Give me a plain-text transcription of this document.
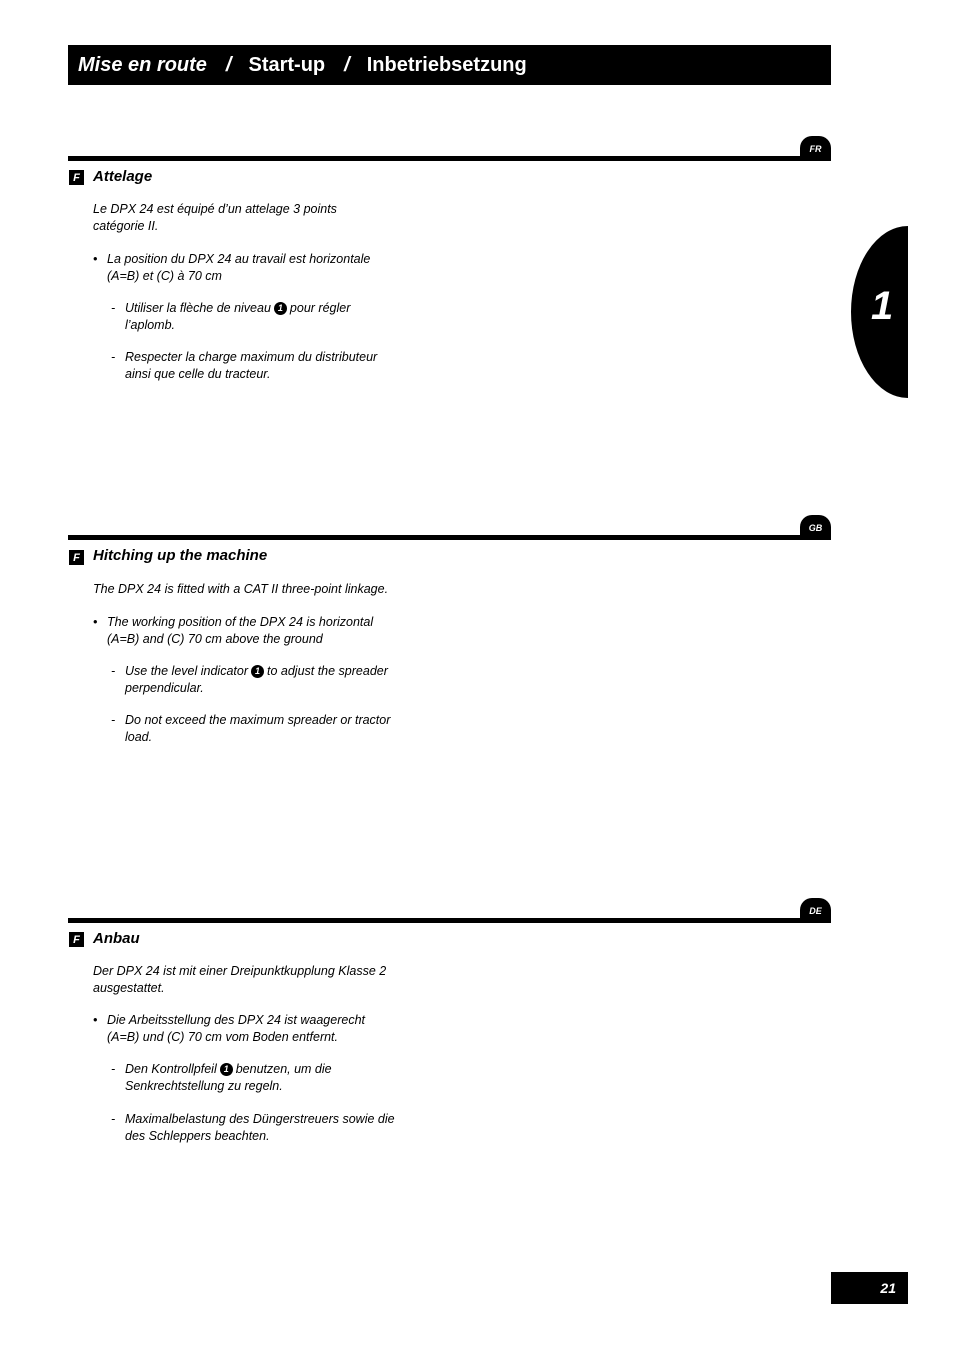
Mise en route / Start-up / Inbetriebsetzung
1
FR
F Attelage
Le DPX 24 est équipé d’un attelage 3 points
catégorie II.
• La position du DPX 24 au travail est horizontale
(A=B) et (C) à 70 cm
- Utiliser la flèche de niveau 1 pour régler
l’aplomb.
- Respecter la charge maximum du distributeur
ainsi que celle du tracteur.
GB
F Hitching up the machine
The DPX 24 is fitted with a CAT II three-point linkage.
• The working position of the DPX 24 is horizontal
(A=B) and (C) 70 cm above the ground
- Use the level indicator 1 to adjust the spreader
perpendicular.
- Do not exceed the maximum spreader or tractor
load.
DE
F Anbau
Der DPX 24 ist mit einer Dreipunktkupplung Klasse 2
ausgestattet.
• Die Arbeitsstellung des DPX 24 ist waagerecht
(A=B) und (C) 70 cm vom Boden entfernt.
- Den Kontrollpfeil 1 benutzen, um die
Senkrechtstellung zu regeln.
- Maximalbelastung des Düngerstreuers sowie die
des Schleppers beachten.
21
